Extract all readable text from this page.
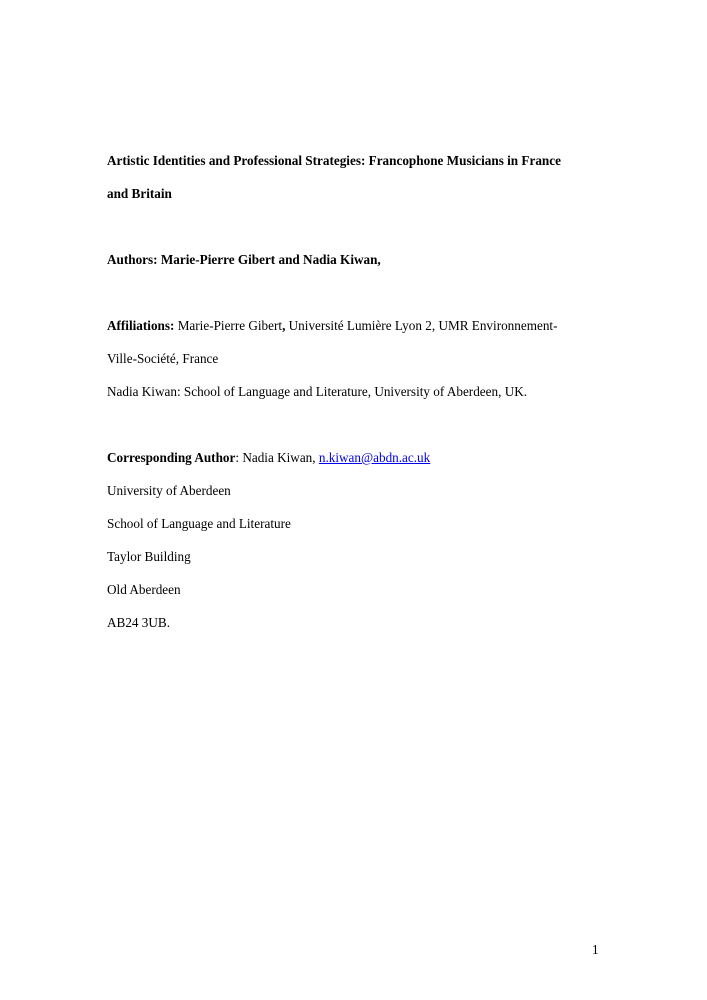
Artistic Identities and Professional Strategies: Francophone Musicians in France
and Britain
Authors: Marie-Pierre Gibert and Nadia Kiwan,
Affiliations: Marie-Pierre Gibert, Université Lumière Lyon 2, UMR Environnement-
Ville-Société, France
Nadia Kiwan: School of Language and Literature, University of Aberdeen, UK.
Corresponding Author: Nadia Kiwan, n.kiwan@abdn.ac.uk
University of Aberdeen
School of Language and Literature
Taylor Building
Old Aberdeen
AB24 3UB.
1
